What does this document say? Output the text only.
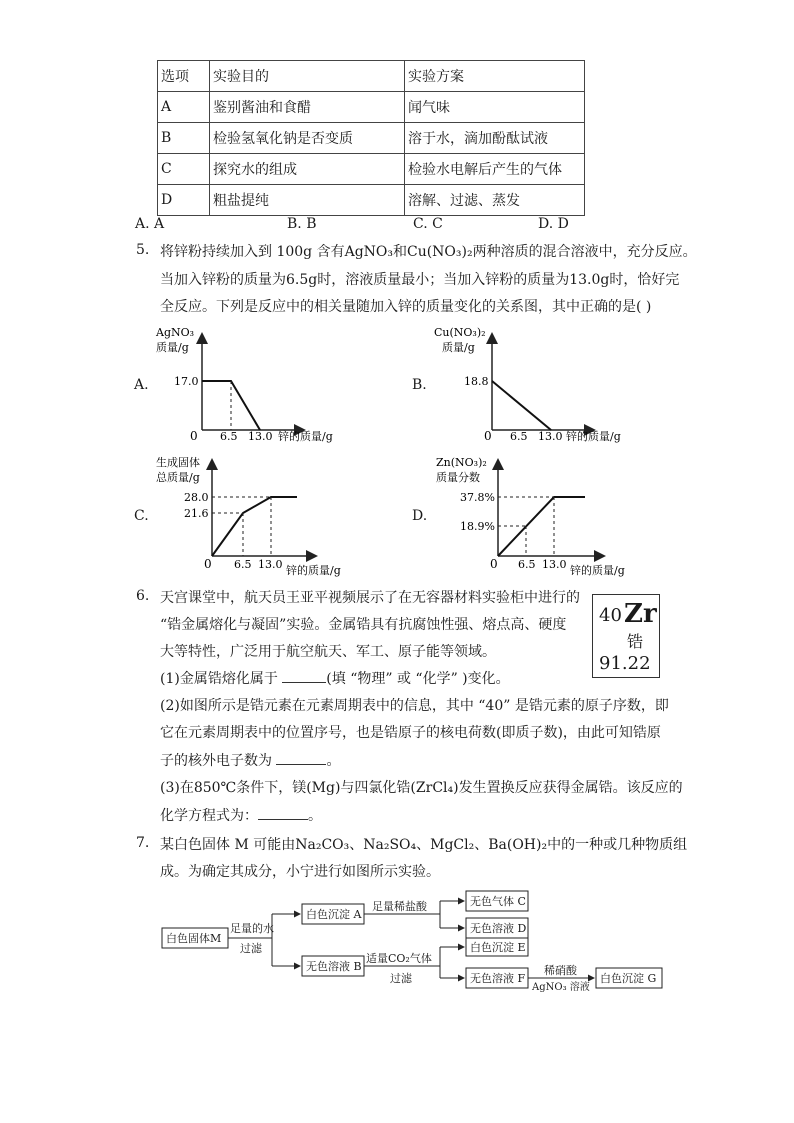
选项	实验目的	实验方案
A	鉴别酱油和食醋	闻气味
B	检验氢氧化钠是否变质	溶于水，滴加酚酞试液
C	探究水的组成	检验水电解后产生的气体
D	粗盐提纯	溶解、过滤、蒸发
A. A	B. B	C. C	D. D
5. 将锌粉持续加入到 100g 含有AgNO₃和Cu(NO₃)₂两种溶质的混合溶液中，充分反应。
当加入锌粉的质量为6.5g时，溶液质量最小；当加入锌粉的质量为13.0g时，恰好完
全反应。下列是反应中的相关量随加入锌的质量变化的关系图，其中正确的是( )
A.	B.
C.	D.
AgNO₃
质量/g
17.0
0 6.5 13.0 锌的质量/g
Cu(NO₃)₂
质量/g
18.8
0 6.5 13.0 锌的质量/g
生成固体
总质量/g
28.0
21.6
0 6.5 13.0 锌的质量/g
Zn(NO₃)₂
质量分数
37.8%
18.9%
0 6.5 13.0 锌的质量/g
6. 天宫课堂中，航天员王亚平视频展示了在无容器材料实验柜中进行的
“锆金属熔化与凝固”实验。金属锆具有抗腐蚀性强、熔点高、硬度
大等特性，广泛用于航空航天、军工、原子能等领域。
(1)金属锆熔化属于	(填 “物理” 或 “化学” )变化。
(2)如图所示是锆元素在元素周期表中的信息，其中 “40” 是锆元素的原子序数，即
它在元素周期表中的位置序号，也是锆原子的核电荷数(即质子数)，由此可知锆原
子的核外电子数为	。
(3)在850℃条件下，镁(Mg)与四氯化锆(ZrCl₄)发生置换反应获得金属锆。该反应的
化学方程式为：	。
40 Zr
锆
91.22
7. 某白色固体 M 可能由Na₂CO₃、Na₂SO₄、MgCl₂、Ba(OH)₂中的一种或几种物质组
成。为确定其成分，小宁进行如图所示实验。
白色固体M
足量的水
过滤
白色沉淀 A
无色溶液 B
足量稀盐酸
适量CO₂气体
过滤
无色气体 C
无色溶液 D
白色沉淀 E
无色溶液 F
稀硝酸
AgNO₃ 溶液
白色沉淀 G
